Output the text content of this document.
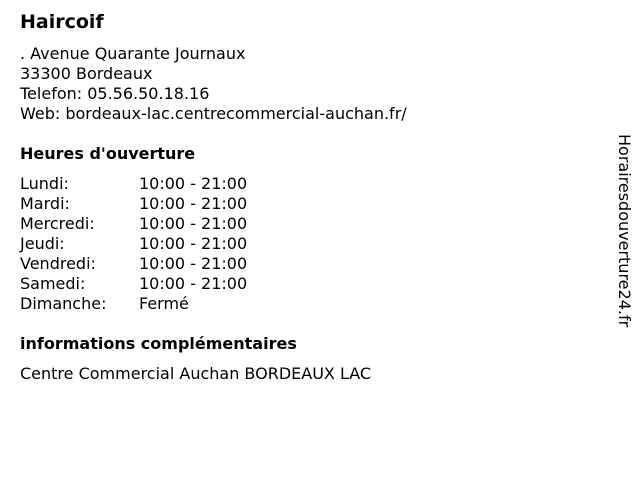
Haircoif
. Avenue Quarante Journaux
33300 Bordeaux
Telefon: 05.56.50.18.16
Web: bordeaux-lac.centrecommercial-auchan.fr/
Heures d'ouverture
Lundi:	10:00 - 21:00
Mardi:	10:00 - 21:00
Mercredi:	10:00 - 21:00
Jeudi:	10:00 - 21:00
Vendredi:	10:00 - 21:00
Samedi:	10:00 - 21:00
Dimanche: Fermé
informations complémentaires
Centre Commercial Auchan BORDEAUX LAC
Horairesdouverture24.fr
